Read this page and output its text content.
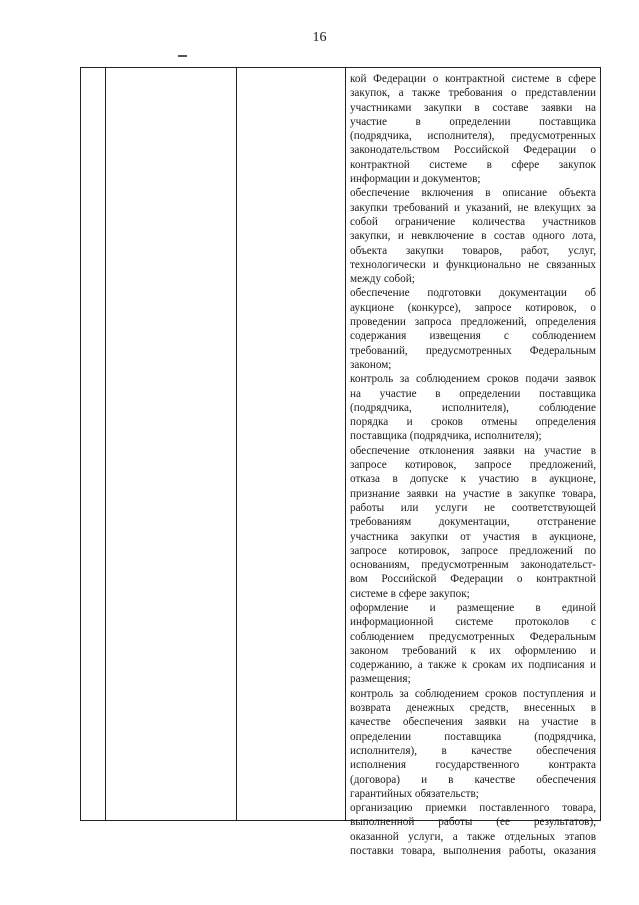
16
кой Федерации о контрактной системе в сфере
закупок, а также требования о представлении
участниками закупки в составе заявки на
участие в определении поставщика
(подрядчика, исполнителя), предусмотренных
законодательством Российской Федерации о
контрактной системе в сфере закупок
информации и документов;
обеспечение включения в описание объекта
закупки требований и указаний, не влекущих за
собой ограничение количества участников
закупки, и невключение в состав одного лота,
объекта закупки товаров, работ, услуг,
технологически и функционально не связанных
между собой;
обеспечение подготовки документации об
аукционе (конкурсе), запросе котировок, о
проведении запроса предложений, определения
содержания извещения с соблюдением
требований, предусмотренных Федеральным
законом;
контроль за соблюдением сроков подачи заявок
на участие в определении поставщика
(подрядчика, исполнителя), соблюдение
порядка и сроков отмены определения
поставщика (подрядчика, исполнителя);
обеспечение отклонения заявки на участие в
запросе котировок, запросе предложений,
отказа в допуске к участию в аукционе,
признание заявки на участие в закупке товара,
работы или услуги не соответствующей
требованиям документации, отстранение
участника закупки от участия в аукционе,
запросе котировок, запросе предложений по
основаниям, предусмотренным законодательст-
вом Российской Федерации о контрактной
системе в сфере закупок;
оформление и размещение в единой
информационной системе протоколов с
соблюдением предусмотренных Федеральным
законом требований к их оформлению и
содержанию, а также к срокам их подписания и
размещения;
контроль за соблюдением сроков поступления и
возврата денежных средств, внесенных в
качестве обеспечения заявки на участие в
определении поставщика (подрядчика,
исполнителя), в качестве обеспечения
исполнения государственного контракта
(договора) и в качестве обеспечения
гарантийных обязательств;
организацию приемки поставленного товара,
выполненной работы (ее результатов),
оказанной услуги, а также отдельных этапов
поставки товара, выполнения работы, оказания
